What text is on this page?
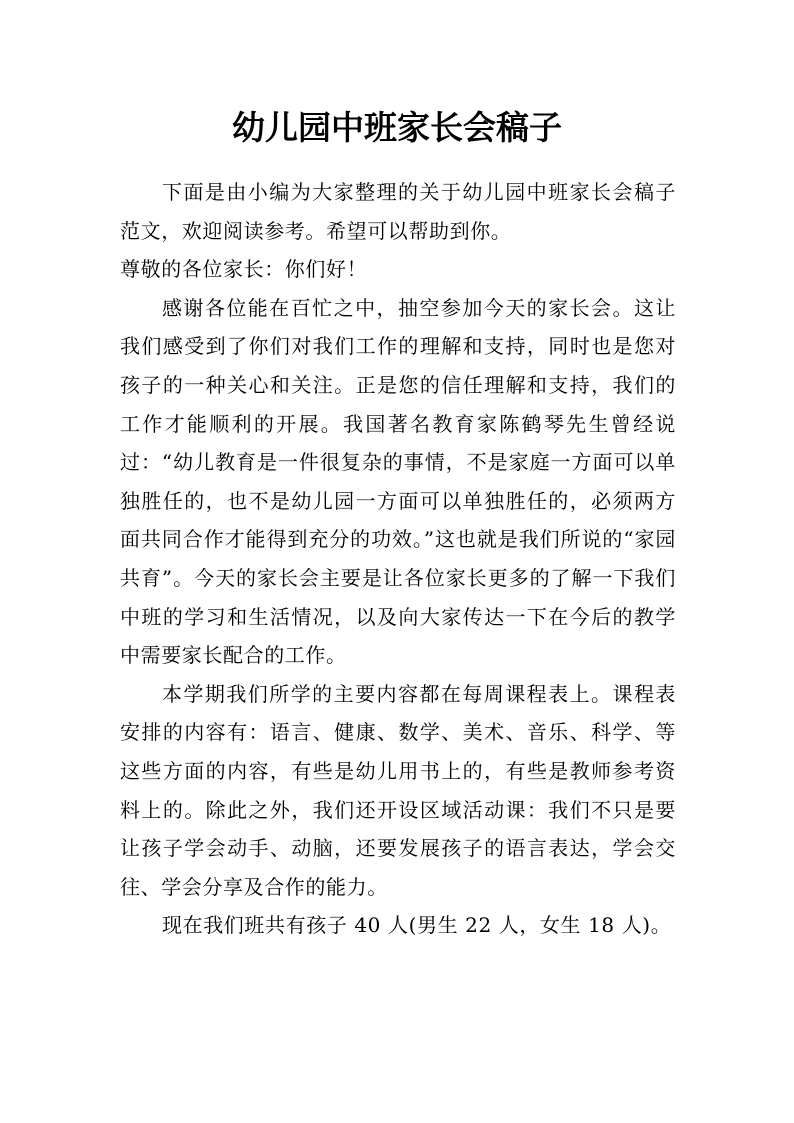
幼儿园中班家长会稿子

下面是由小编为大家整理的关于幼儿园中班家长会稿子范文，欢迎阅读参考。希望可以帮助到你。

尊敬的各位家长：你们好！

感谢各位能在百忙之中，抽空参加今天的家长会。这让我们感受到了你们对我们工作的理解和支持，同时也是您对孩子的一种关心和关注。正是您的信任理解和支持，我们的工作才能顺利的开展。我国著名教育家陈鹤琴先生曾经说过：“幼儿教育是一件很复杂的事情，不是家庭一方面可以单独胜任的，也不是幼儿园一方面可以单独胜任的，必须两方面共同合作才能得到充分的功效。”这也就是我们所说的“家园共育”。今天的家长会主要是让各位家长更多的了解一下我们中班的学习和生活情况，以及向大家传达一下在今后的教学中需要家长配合的工作。

本学期我们所学的主要内容都在每周课程表上。课程表安排的内容有：语言、健康、数学、美术、音乐、科学、等这些方面的内容，有些是幼儿用书上的，有些是教师参考资料上的。除此之外，我们还开设区域活动课：我们不只是要让孩子学会动手、动脑，还要发展孩子的语言表达，学会交往、学会分享及合作的能力。

现在我们班共有孩子 40 人(男生 22 人，女生 18 人)。
